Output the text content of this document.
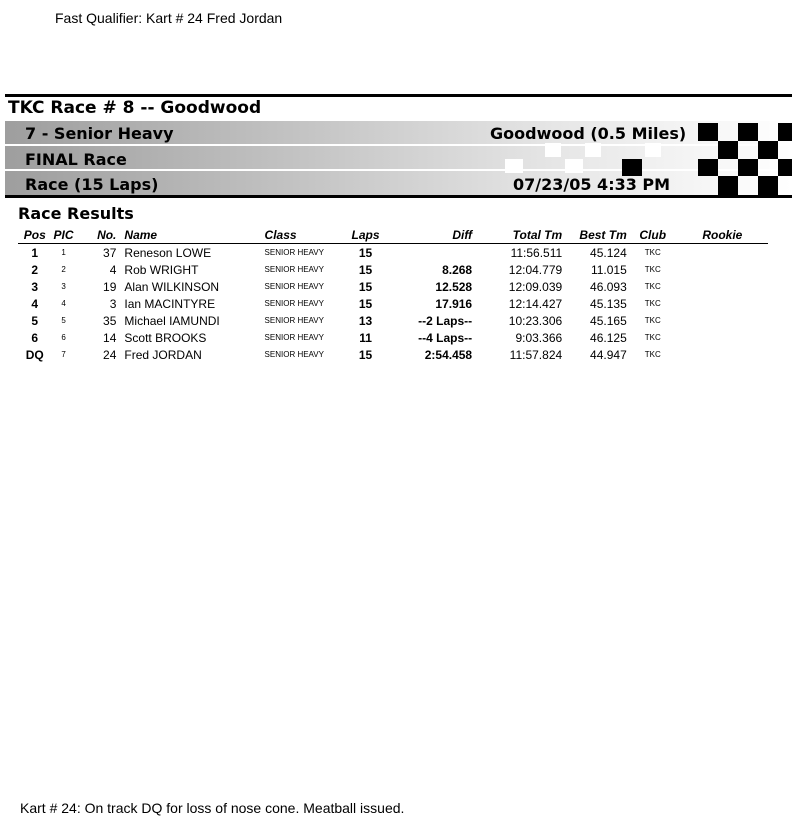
Fast Qualifier: Kart # 24 Fred Jordan
TKC Race # 8 -- Goodwood
7 - Senior Heavy	Goodwood (0.5 Miles)
FINAL Race
Race (15 Laps)	07/23/05 4:33 PM
Race Results
Pos	PIC	No.	Name	Class	Laps	Diff	Total Tm	Best Tm	Club	Rookie
1	1	37	Reneson LOWE	SENIOR HEAVY	15		11:56.511	45.124	TKC	
2	2	4	Rob WRIGHT	SENIOR HEAVY	15	8.268	12:04.779	11.015	TKC	
3	3	19	Alan WILKINSON	SENIOR HEAVY	15	12.528	12:09.039	46.093	TKC	
4	4	3	Ian MACINTYRE	SENIOR HEAVY	15	17.916	12:14.427	45.135	TKC	
5	5	35	Michael IAMUNDI	SENIOR HEAVY	13	--2 Laps--	10:23.306	45.165	TKC	
6	6	14	Scott BROOKS	SENIOR HEAVY	11	--4 Laps--	9:03.366	46.125	TKC	
DQ	7	24	Fred JORDAN	SENIOR HEAVY	15	2:54.458	11:57.824	44.947	TKC	
Kart # 24: On track DQ for loss of nose cone. Meatball issued.
